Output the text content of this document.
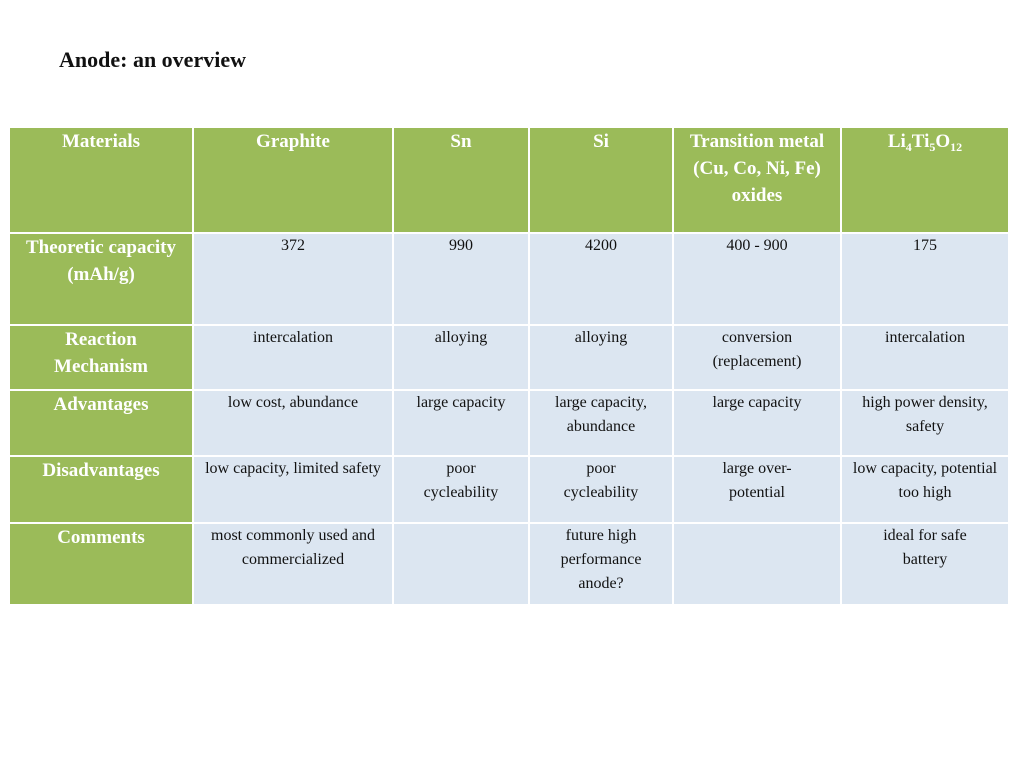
Anode: an overview
Materials	Graphite	Sn	Si	Transition metal (Cu, Co, Ni, Fe) oxides	$Li_4Ti_5O_{12}$
Theoretic capacity (mAh/g)	372	990	4200	400 - 900	175
Reaction Mechanism	intercalation	alloying	alloying	conversion (replacement)	intercalation
Advantages	low cost, abundance	large capacity	large capacity, abundance	large capacity	high power density, safety
Disadvantages	low capacity, limited safety	poor cycleability	poor cycleability	large over-potential	low capacity, potential too high
Comments	most commonly used and commercialized		future high performance anode?		ideal for safe battery
